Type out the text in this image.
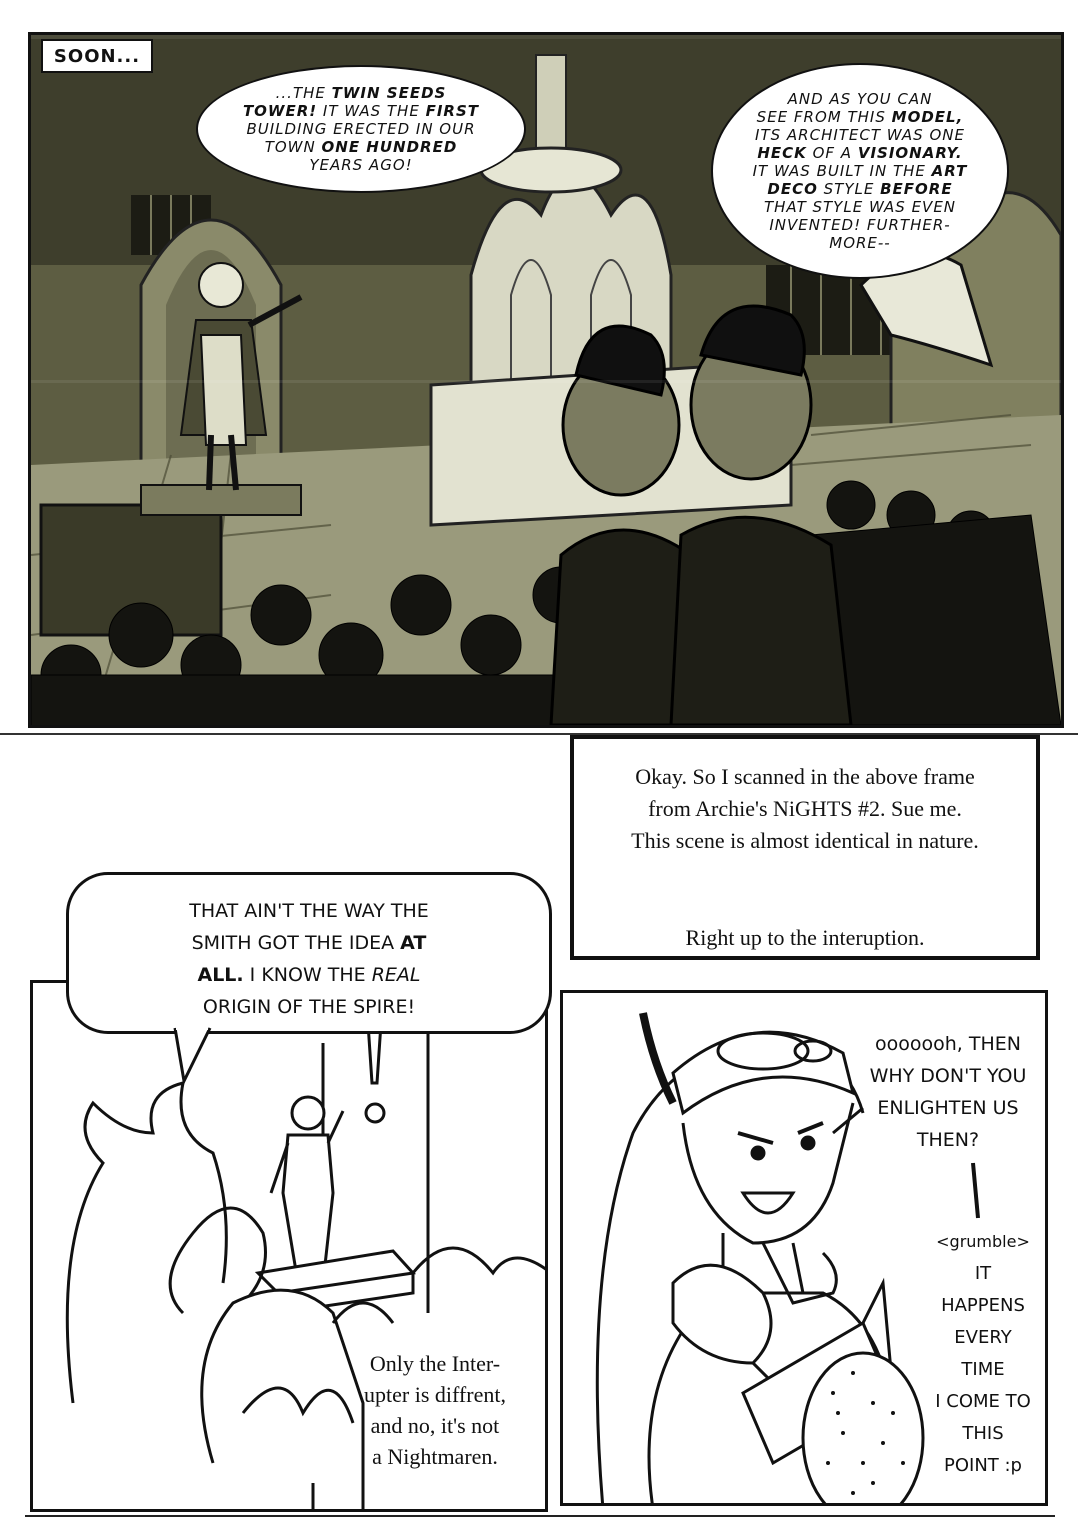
SOON...
...THE TWIN SEEDS
TOWER! IT WAS THE FIRST
BUILDING ERECTED IN OUR
TOWN ONE HUNDRED
YEARS AGO!
AND AS YOU CAN
SEE FROM THIS MODEL,
ITS ARCHITECT WAS ONE
HECK OF A VISIONARY.
IT WAS BUILT IN THE ART
DECO STYLE BEFORE
THAT STYLE WAS EVEN
INVENTED! FURTHER-
MORE--
Okay. So I scanned in the above frame
from Archie's NiGHTS #2. Sue me.
This scene is almost identical in nature.
Right up to the interuption.
THAT AIN'T THE WAY THE
SMITH GOT THE IDEA AT
ALL. I KNOW THE REAL
ORIGIN OF THE SPIRE!
Only the Inter-
upter is diffrent,
and no, it's not
a Nightmaren.
ooooooh, THEN
WHY DON'T YOU
ENLIGHTEN US
THEN?
<grumble>
IT
HAPPENS
EVERY
TIME
I COME TO
THIS
POINT :p
